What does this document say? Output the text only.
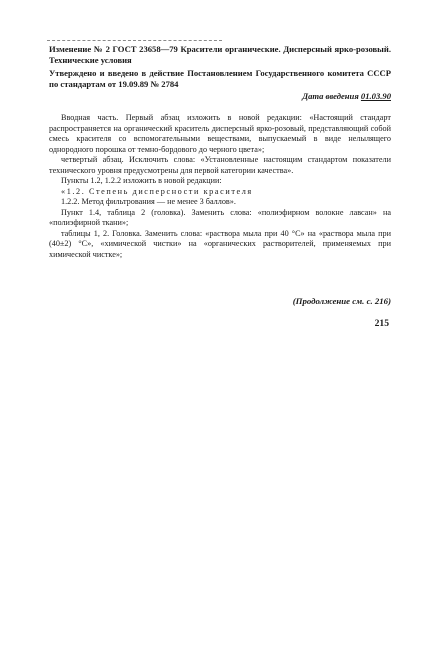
Изменение № 2 ГОСТ 23658—79 Красители органические. Дисперсный ярко-розовый. Технические условия
Утверждено и введено в действие Постановлением Государственного комитета СССР по стандартам от 19.09.89 № 2784
Дата введения 01.03.90

Вводная часть. Первый абзац изложить в новой редакции: «Настоящий стандарт распространяется на органический краситель дисперсный ярко-розовый, представляющий собой смесь красителя со вспомогательными веществами, выпускаемый в виде нелылящего однородного порошка от темно-бордового до черного цвета»;

четвертый абзац. Исключить слова: «Установленные настоящим стандартом показатели технического уровня предусмотрены для первой категории качества».

Пункты 1.2, 1.2.2 изложить в новой редакции:

«1.2. Степень дисперсности красителя

1.2.2. Метод фильтрования — не менее 3 баллов».

Пункт 1.4, таблица 2 (головка). Заменить слова: «полиэфирном волокне лавсан» на «полиэфирной ткани»;

таблицы 1, 2. Головка. Заменить слова: «раствора мыла при 40 °С» на «раствора мыла при (40±2) °С», «химической чистки» на «органических растворителей, применяемых при химической чистке»;

(Продолжение см. с. 216)
215
